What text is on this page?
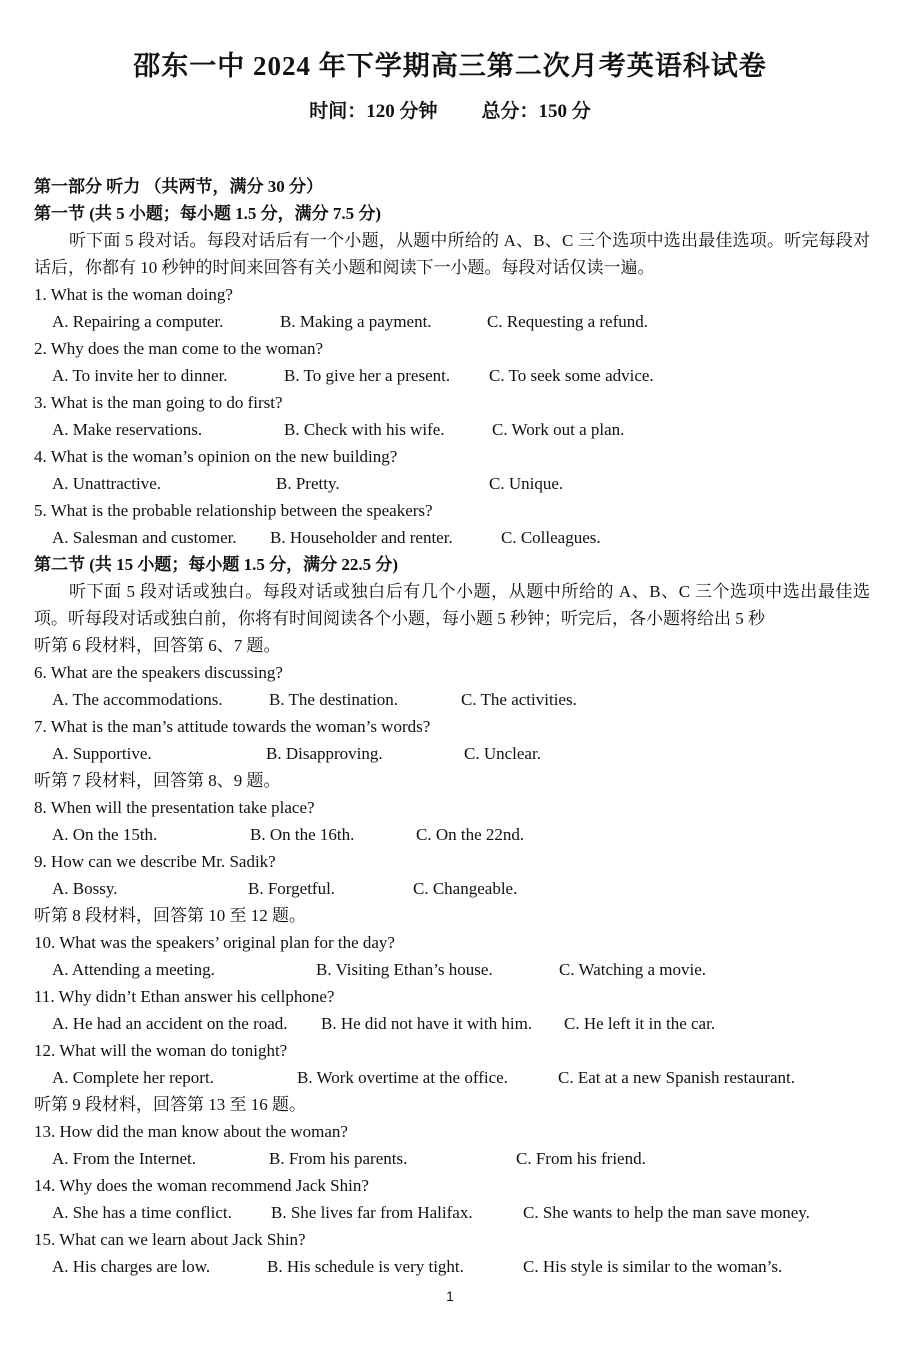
邵东一中 2024 年下学期高三第二次月考英语科试卷
时间：120 分钟 总分：150 分
第一部分 听力 （共两节，满分 30 分）
第一节 (共 5 小题；每小题 1.5 分，满分 7.5 分)
听下面 5 段对话。每段对话后有一个小题，从题中所给的 A、B、C 三个选项中选出最佳选项。听完每段对话后，你都有 10 秒钟的时间来回答有关小题和阅读下一小题。每段对话仅读一遍。
1. What is the woman doing?
A. Repairing a computer.	B. Making a payment.	C. Requesting a refund.
2. Why does the man come to the woman?
A. To invite her to dinner.	B. To give her a present. C. To seek some advice.
3. What is the man going to do first?
A. Make reservations.	B. Check with his wife.	C. Work out a plan.
4. What is the woman’s opinion on the new building?
A. Unattractive.	B. Pretty.	C. Unique.
5. What is the probable relationship between the speakers?
A. Salesman and customer. B. Householder and renter.	C. Colleagues.
第二节 (共 15 小题；每小题 1.5 分，满分 22.5 分)
听下面 5 段对话或独白。每段对话或独白后有几个小题，从题中所给的 A、B、C 三个选项中选出最佳选项。听每段对话或独白前，你将有时间阅读各个小题，每小题 5 秒钟；听完后，各小题将给出 5 秒
听第 6 段材料，回答第 6、7 题。
6. What are the speakers discussing?
A. The accommodations.	B. The destination.	C. The activities.
7. What is the man’s attitude towards the woman’s words?
A. Supportive.	B. Disapproving.	C. Unclear.
听第 7 段材料，回答第 8、9 题。
8. When will the presentation take place?
A. On the 15th.	B. On the 16th.	C. On the 22nd.
9. How can we describe Mr. Sadik?
A. Bossy.	B. Forgetful.	C. Changeable.
听第 8 段材料，回答第 10 至 12 题。
10. What was the speakers’ original plan for the day?
A. Attending a meeting.	B. Visiting Ethan’s house.	C. Watching a movie.
11. Why didn’t Ethan answer his cellphone?
A. He had an accident on the road. B. He did not have it with him. C. He left it in the car.
12. What will the woman do tonight?
A. Complete her report.	B. Work overtime at the office.	C. Eat at a new Spanish restaurant.
听第 9 段材料，回答第 13 至 16 题。
13. How did the man know about the woman?
A. From the Internet.	B. From his parents.	C. From his friend.
14. Why does the woman recommend Jack Shin?
A. She has a time conflict. B. She lives far from Halifax.	C. She wants to help the man save money.
15. What can we learn about Jack Shin?
A. His charges are low.	B. His schedule is very tight.	C. His style is similar to the woman’s.
1
